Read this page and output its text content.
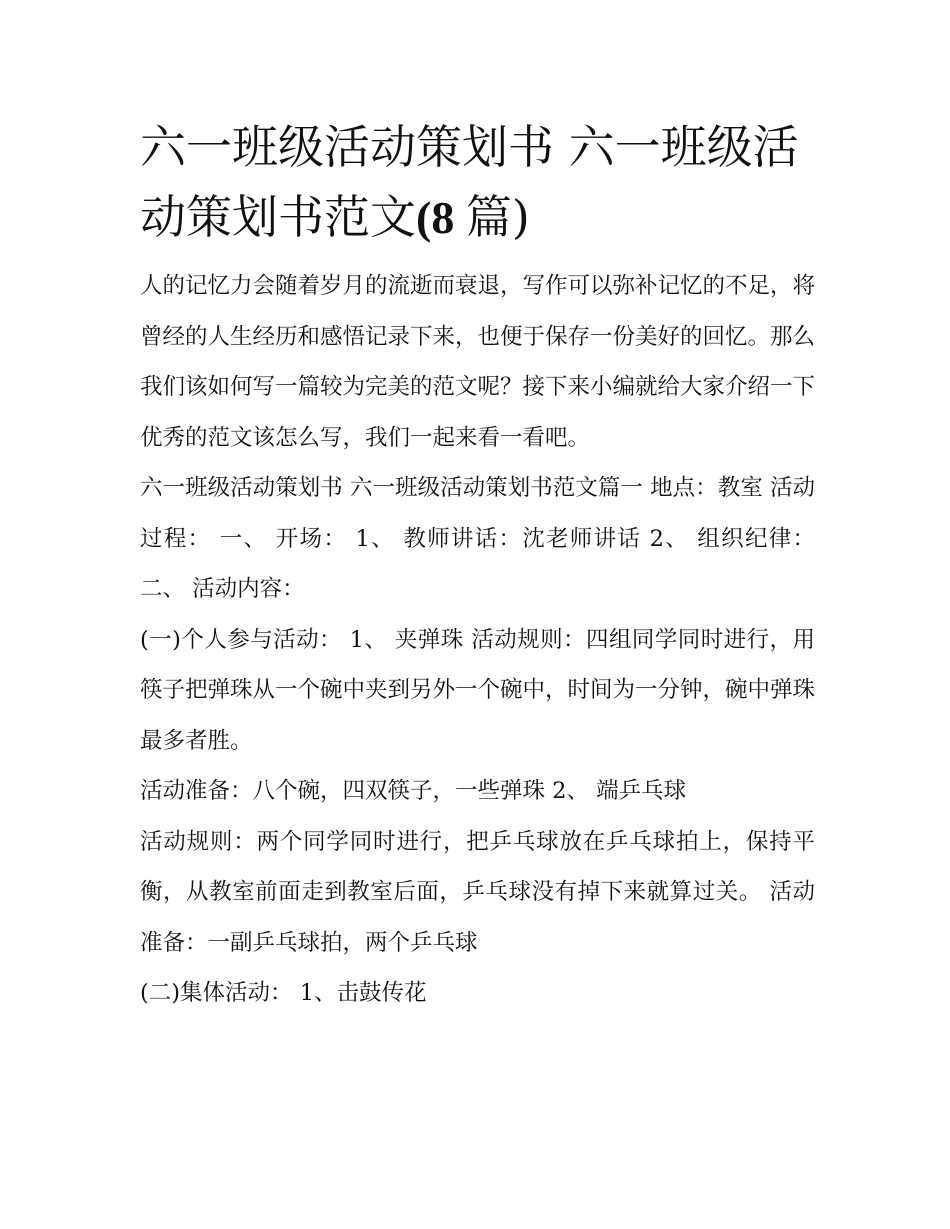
六一班级活动策划书 六一班级活动策划书范文(8 篇)

人的记忆力会随着岁月的流逝而衰退，写作可以弥补记忆的不足，将曾经的人生经历和感悟记录下来，也便于保存一份美好的回忆。那么我们该如何写一篇较为完美的范文呢？接下来小编就给大家介绍一下优秀的范文该怎么写，我们一起来看一看吧。

六一班级活动策划书 六一班级活动策划书范文篇一 地点：教室 活动过程： 一、 开场： 1、 教师讲话：沈老师讲话 2、 组织纪律： 二、 活动内容：

(一)个人参与活动： 1、 夹弹珠 活动规则：四组同学同时进行，用筷子把弹珠从一个碗中夹到另外一个碗中，时间为一分钟，碗中弹珠最多者胜。

活动准备：八个碗，四双筷子，一些弹珠 2、 端乒乓球

活动规则：两个同学同时进行，把乒乓球放在乒乓球拍上，保持平衡，从教室前面走到教室后面，乒乓球没有掉下来就算过关。 活动准备：一副乒乓球拍，两个乒乓球

(二)集体活动： 1、击鼓传花
